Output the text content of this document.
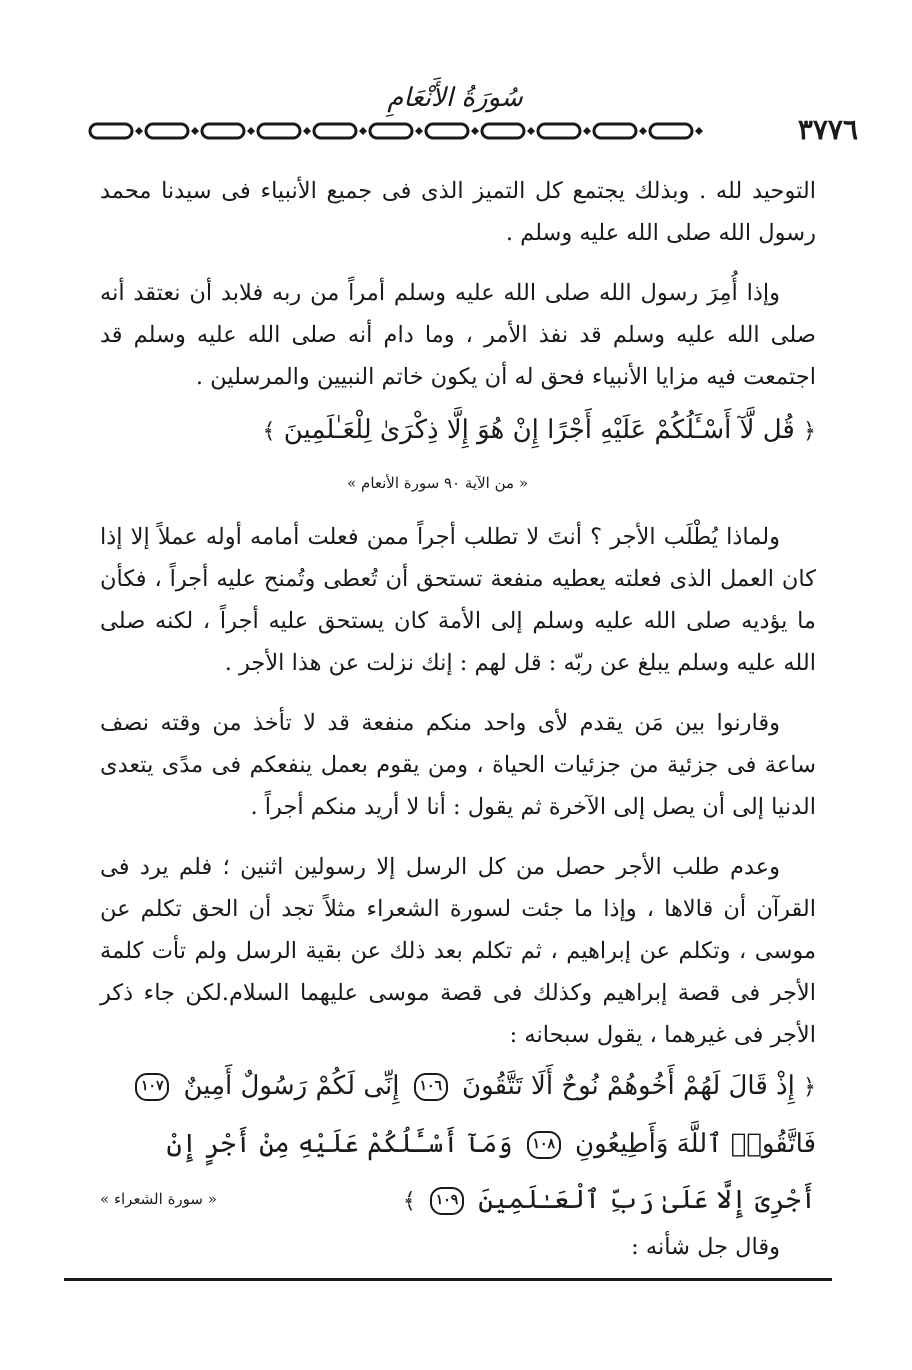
سُورَةُ الأَنْعَامِ
٣٧٧٦

التوحيد لله . وبذلك يجتمع كل التميز الذى فى جميع الأنبياء فى سيدنا محمد رسول الله صلى الله عليه وسلم .

وإذا أُمِرَ رسول الله صلى الله عليه وسلم أمراً من ربه فلابد أن نعتقد أنه صلى الله عليه وسلم قد نفذ الأمر ، وما دام أنه صلى الله عليه وسلم قد اجتمعت فيه مزايا الأنبياء فحق له أن يكون خاتم النبيين والمرسلين .

﴿ قُل لَّآ أَسْـَٔلُكُمْ عَلَيْهِ أَجْرًا إِنْ هُوَ إِلَّا ذِكْرَىٰ لِلْعَـٰلَمِينَ ﴾
« من الآية ٩٠ سورة الأنعام »

ولماذا يُطْلَب الأجر ؟ أنتَ لا تطلب أجراً ممن فعلت أمامه أوله عملاً إلا إذا كان العمل الذى فعلته يعطيه منفعة تستحق أن تُعطى وتُمنح عليه أجراً ، فكأن ما يؤديه صلى الله عليه وسلم إلى الأمة كان يستحق عليه أجراً ، لكنه صلى الله عليه وسلم يبلغ عن ربّه : قل لهم : إنك نزلت عن هذا الأجر .

وقارنوا بين مَن يقدم لأى واحد منكم منفعة قد لا تأخذ من وقته نصف ساعة فى جزئية من جزئيات الحياة ، ومن يقوم بعمل ينفعكم فى مدًى يتعدى الدنيا إلى أن يصل إلى الآخرة ثم يقول : أنا لا أريد منكم أجراً .

وعدم طلب الأجر حصل من كل الرسل إلا رسولين اثنين ؛ فلم يرد فى القرآن أن قالاها ، وإذا ما جئت لسورة الشعراء مثلاً تجد أن الحق تكلم عن موسى ، وتكلم عن إبراهيم ، ثم تكلم بعد ذلك عن بقية الرسل ولم تأت كلمة الأجر فى قصة إبراهيم وكذلك فى قصة موسى عليهما السلام.لكن جاء ذكر الأجر فى غيرهما ، يقول سبحانه :

﴿ إِذْ قَالَ لَهُمْ أَخُوهُمْ نُوحٌ أَلَا تَتَّقُونَ ١٠٦ إِنِّى لَكُمْ رَسُولٌ أَمِينٌ ١٠٧ فَاتَّقُوا۟ ٱللَّهَ وَأَطِيعُونِ ١٠٨ وَمَآ أَسْـَٔلُكُمْ عَلَيْهِ مِنْ أَجْرٍ إِنْ أَجْرِىَ إِلَّا عَلَىٰ رَبِّ ٱلْعَـٰلَمِينَ ١٠٩ ﴾
« سورة الشعراء »

وقال جل شأنه :
